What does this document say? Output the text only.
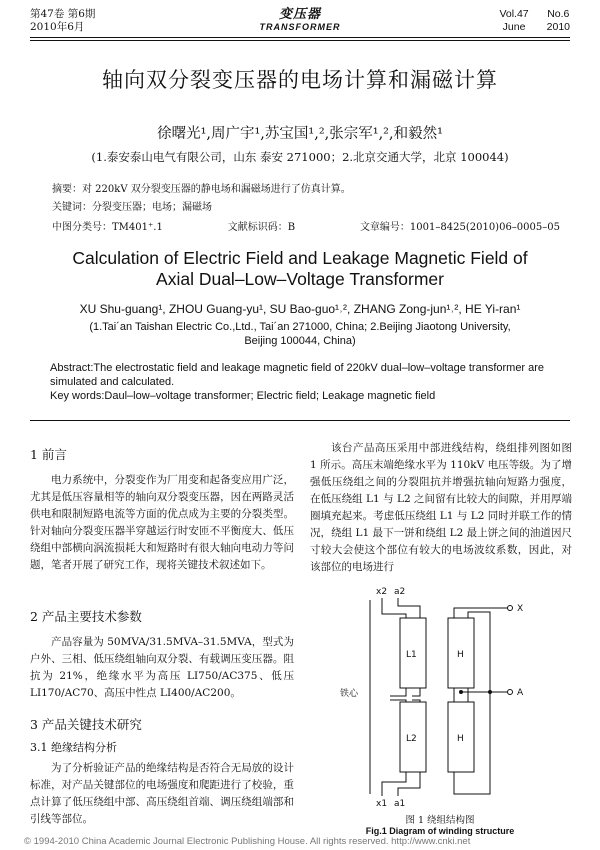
第47卷 第6期
2010年6月
变压器
TRANSFORMER
Vol.47
June
No.6
2010
轴向双分裂变压器的电场计算和漏磁计算
徐曙光¹,周广宇¹,苏宝国¹,²,张宗军¹,²,和毅然¹
(1.泰安泰山电气有限公司，山东 泰安 271000；2.北京交通大学，北京 100044)
摘要：对 220kV 双分裂变压器的静电场和漏磁场进行了仿真计算。
关键词：分裂变压器；电场；漏磁场
中图分类号：TM401⁺.1	文献标识码：B	文章编号：1001–8425(2010)06–0005–05
Calculation of Electric Field and Leakage Magnetic Field of
Axial Dual–Low–Voltage Transformer
XU Shu-guang¹, ZHOU Guang-yu¹, SU Bao-guo¹˒², ZHANG Zong-jun¹˒², HE Yi-ran¹
(1.Tai´an Taishan Electric Co.,Ltd., Tai´an 271000, China; 2.Beijing Jiaotong University,
Beijing 100044, China)
Abstract:The electrostatic field and leakage magnetic field of 220kV dual–low–voltage transformer are simulated and calculated.
Key words:Daul–low–voltage transformer; Electric field; Leakage magnetic field
1 前言

电力系统中，分裂变作为厂用变和起备变应用广泛，尤其是低压容量相等的轴向双分裂变压器，因在两路灵活供电和限制短路电流等方面的优点成为主要的分裂类型。针对轴向分裂变压器半穿越运行时安匝不平衡度大、低压绕组中部横向涡流损耗大和短路时有很大轴向电动力等问题，笔者开展了研究工作，现将关键技术叙述如下。

2 产品主要技术参数

产品容量为 50MVA/31.5MVA–31.5MVA，型式为户外、三相、低压绕组轴向双分裂、有载调压变压器。阻抗为 21%，绝缘水平为高压 LI750/AC375、低压 LI170/AC70、高压中性点 LI400/AC200。

3 产品关键技术研究
3.1 绝缘结构分析

为了分析验证产品的绝缘结构是否符合无局放的设计标准，对产品关键部位的电场强度和爬距进行了校验，重点计算了低压绕组中部、高压绕组首端、调压绕组端部和引线等部位。

该台产品高压采用中部进线结构，绕组排列图如图 1 所示。高压末端绝缘水平为 110kV 电压等级。为了增强低压绕组之间的分裂阻抗并增强抗轴向短路力强度，在低压绕组 L1 与 L2 之间留有比较大的间隙，并用厚端圈填充起来。考虑低压绕组 L1 与 L2 同时并联工作的情况，绕组 L1 最下一饼和绕组 L2 最上饼之间的油道因尺寸较大会使这个部位有较大的电场波纹系数，因此，对该部位的电场进行

x2 a2
x1 a1
L1
L2
H
H
X
A
铁心
图 1 绕组结构图
Fig.1 Diagram of winding structure
© 1994-2010 China Academic Journal Electronic Publishing House. All rights reserved. http://www.cnki.net
